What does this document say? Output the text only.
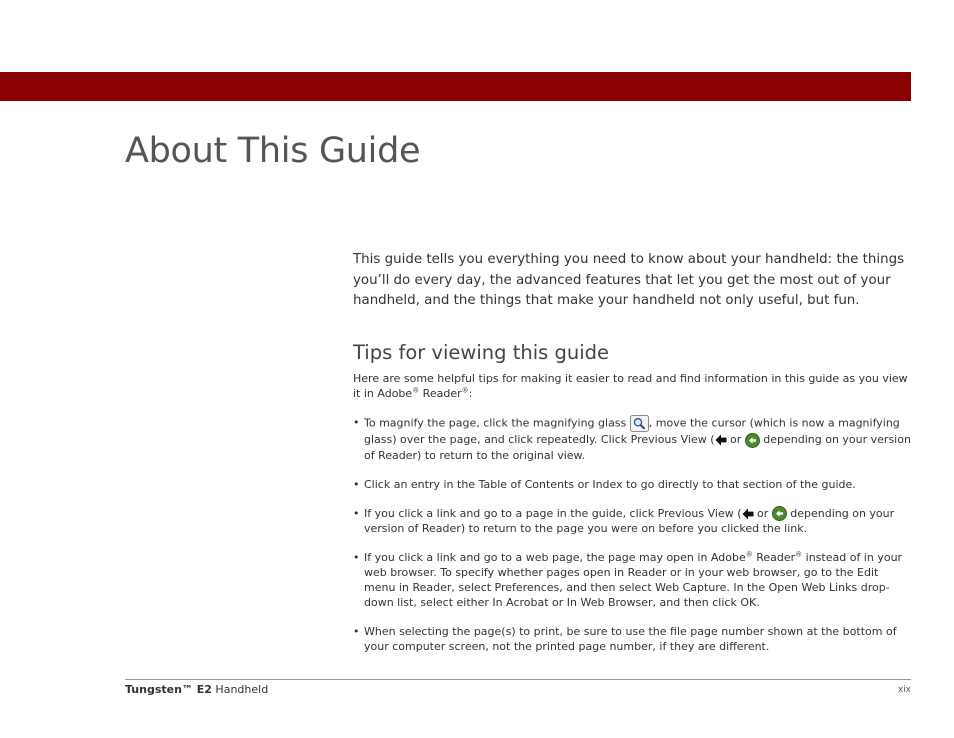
About This Guide

This guide tells you everything you need to know about your handheld: the things you’ll do every day, the advanced features that let you get the most out of your handheld, and the things that make your handheld not only useful, but fun.

Tips for viewing this guide

Here are some helpful tips for making it easier to read and find information in this guide as you view it in Adobe® Reader®:

• To magnify the page, click the magnifying glass , move the cursor (which is now a magnifying glass) over the page, and click repeatedly. Click Previous View ( or  depending on your version of Reader) to return to the original view.
• Click an entry in the Table of Contents or Index to go directly to that section of the guide.
• If you click a link and go to a page in the guide, click Previous View ( or  depending on your version of Reader) to return to the page you were on before you clicked the link.
• If you click a link and go to a web page, the page may open in Adobe® Reader® instead of in your web browser. To specify whether pages open in Reader or in your web browser, go to the Edit menu in Reader, select Preferences, and then select Web Capture. In the Open Web Links drop-down list, select either In Acrobat or In Web Browser, and then click OK.
• When selecting the page(s) to print, be sure to use the file page number shown at the bottom of your computer screen, not the printed page number, if they are different.
Tungsten™ E2 Handheld	xix
